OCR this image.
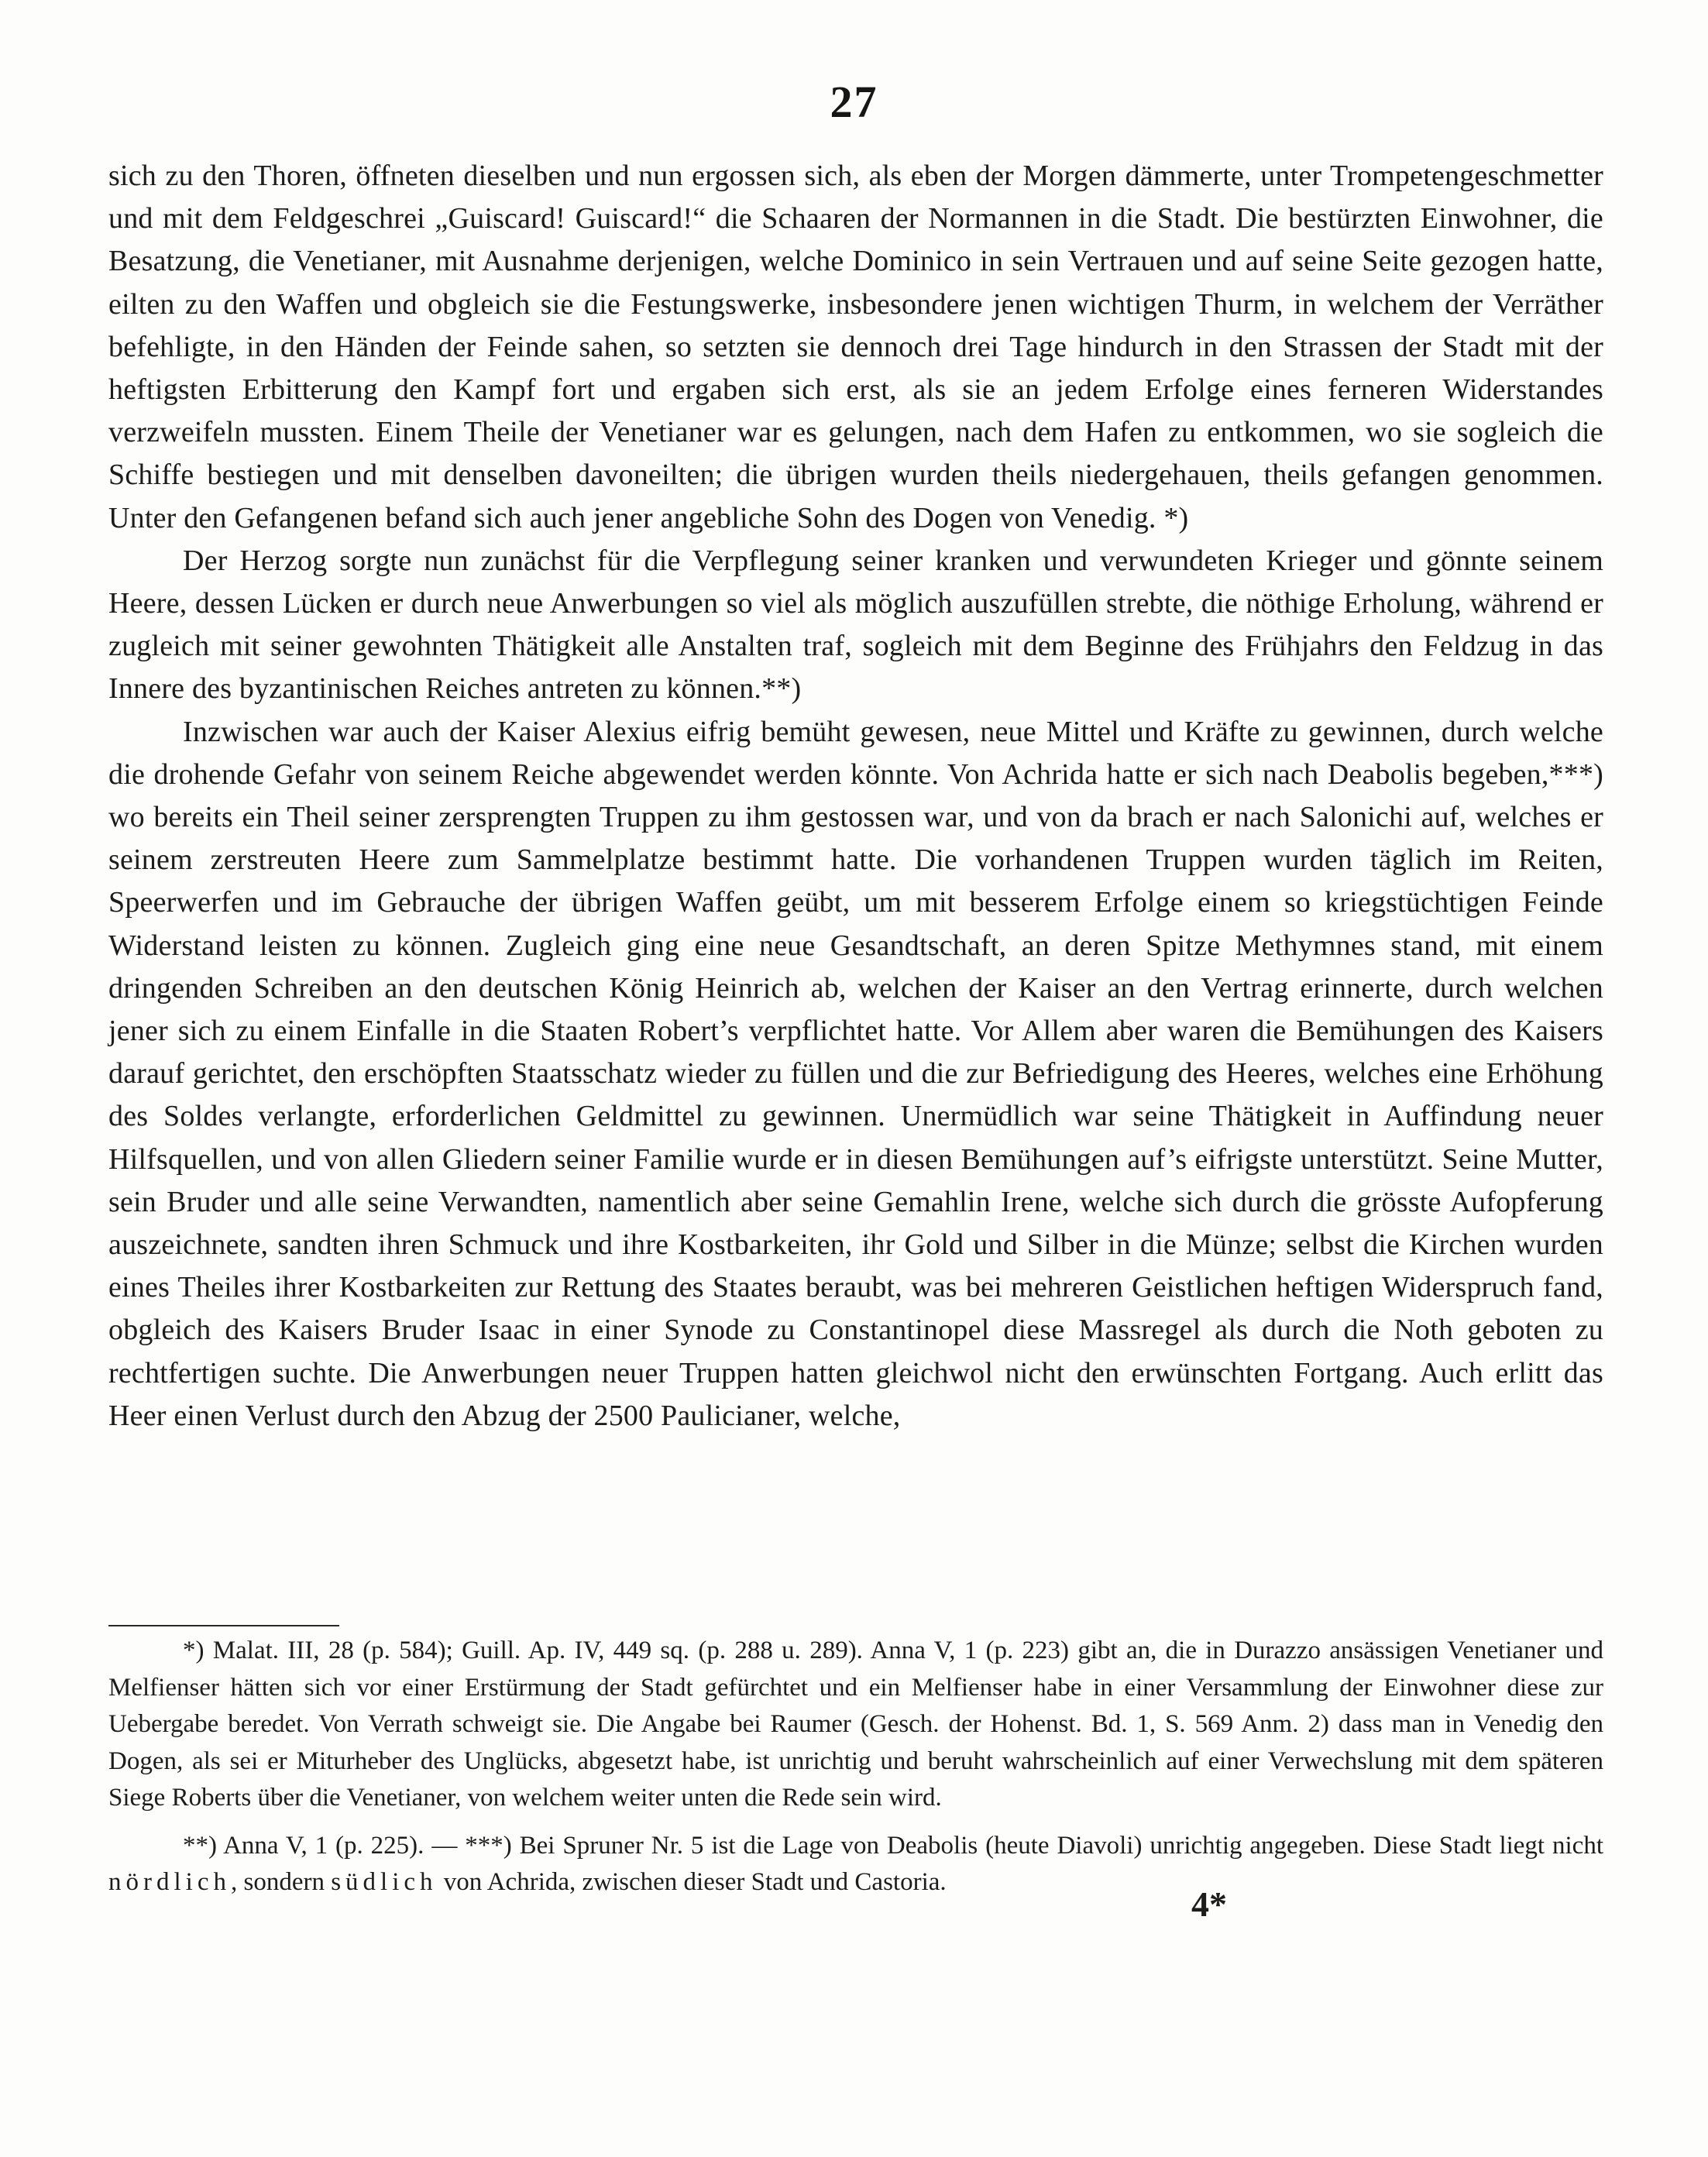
27

sich zu den Thoren, öffneten dieselben und nun ergossen sich, als eben der Morgen dämmerte, unter Trompetengeschmetter und mit dem Feldgeschrei „Guiscard! Guiscard!“ die Schaaren der Normannen in die Stadt. Die bestürzten Einwohner, die Besatzung, die Venetianer, mit Ausnahme derjenigen, welche Dominico in sein Vertrauen und auf seine Seite gezogen hatte, eilten zu den Waffen und obgleich sie die Festungswerke, insbesondere jenen wichtigen Thurm, in welchem der Verräther befehligte, in den Händen der Feinde sahen, so setzten sie dennoch drei Tage hindurch in den Strassen der Stadt mit der heftigsten Erbitterung den Kampf fort und ergaben sich erst, als sie an jedem Erfolge eines ferneren Widerstandes verzweifeln mussten. Einem Theile der Venetianer war es gelungen, nach dem Hafen zu entkommen, wo sie sogleich die Schiffe bestiegen und mit denselben davoneilten; die übrigen wurden theils niedergehauen, theils gefangen genommen. Unter den Gefangenen befand sich auch jener angebliche Sohn des Dogen von Venedig. *)

Der Herzog sorgte nun zunächst für die Verpflegung seiner kranken und verwundeten Krieger und gönnte seinem Heere, dessen Lücken er durch neue Anwerbungen so viel als möglich auszufüllen strebte, die nöthige Erholung, während er zugleich mit seiner gewohnten Thätigkeit alle Anstalten traf, sogleich mit dem Beginne des Frühjahrs den Feldzug in das Innere des byzantinischen Reiches antreten zu können.**)

Inzwischen war auch der Kaiser Alexius eifrig bemüht gewesen, neue Mittel und Kräfte zu gewinnen, durch welche die drohende Gefahr von seinem Reiche abgewendet werden könnte. Von Achrida hatte er sich nach Deabolis begeben,***) wo bereits ein Theil seiner zersprengten Truppen zu ihm gestossen war, und von da brach er nach Salonichi auf, welches er seinem zerstreuten Heere zum Sammelplatze bestimmt hatte. Die vorhandenen Truppen wurden täglich im Reiten, Speerwerfen und im Gebrauche der übrigen Waffen geübt, um mit besserem Erfolge einem so kriegstüchtigen Feinde Widerstand leisten zu können. Zugleich ging eine neue Gesandtschaft, an deren Spitze Methymnes stand, mit einem dringenden Schreiben an den deutschen König Heinrich ab, welchen der Kaiser an den Vertrag erinnerte, durch welchen jener sich zu einem Einfalle in die Staaten Robert’s verpflichtet hatte. Vor Allem aber waren die Bemühungen des Kaisers darauf gerichtet, den erschöpften Staatsschatz wieder zu füllen und die zur Befriedigung des Heeres, welches eine Erhöhung des Soldes verlangte, erforderlichen Geldmittel zu gewinnen. Unermüdlich war seine Thätigkeit in Auffindung neuer Hilfsquellen, und von allen Gliedern seiner Familie wurde er in diesen Bemühungen auf’s eifrigste unterstützt. Seine Mutter, sein Bruder und alle seine Verwandten, namentlich aber seine Gemahlin Irene, welche sich durch die grösste Aufopferung auszeichnete, sandten ihren Schmuck und ihre Kostbarkeiten, ihr Gold und Silber in die Münze; selbst die Kirchen wurden eines Theiles ihrer Kostbarkeiten zur Rettung des Staates beraubt, was bei mehreren Geistlichen heftigen Widerspruch fand, obgleich des Kaisers Bruder Isaac in einer Synode zu Constantinopel diese Massregel als durch die Noth geboten zu rechtfertigen suchte. Die Anwerbungen neuer Truppen hatten gleichwol nicht den erwünschten Fortgang. Auch erlitt das Heer einen Verlust durch den Abzug der 2500 Paulicianer, welche,

*) Malat. III, 28 (p. 584); Guill. Ap. IV, 449 sq. (p. 288 u. 289). Anna V, 1 (p. 223) gibt an, die in Durazzo ansässigen Venetianer und Melfienser hätten sich vor einer Erstürmung der Stadt gefürchtet und ein Melfienser habe in einer Versammlung der Einwohner diese zur Uebergabe beredet. Von Verrath schweigt sie. Die Angabe bei Raumer (Gesch. der Hohenst. Bd. 1, S. 569 Anm. 2) dass man in Venedig den Dogen, als sei er Miturheber des Unglücks, abgesetzt habe, ist unrichtig und beruht wahrscheinlich auf einer Verwechslung mit dem späteren Siege Roberts über die Venetianer, von welchem weiter unten die Rede sein wird.

**) Anna V, 1 (p. 225). — ***) Bei Spruner Nr. 5 ist die Lage von Deabolis (heute Diavoli) unrichtig angegeben. Diese Stadt liegt nicht nördlich, sondern südlich von Achrida, zwischen dieser Stadt und Castoria.

4*
